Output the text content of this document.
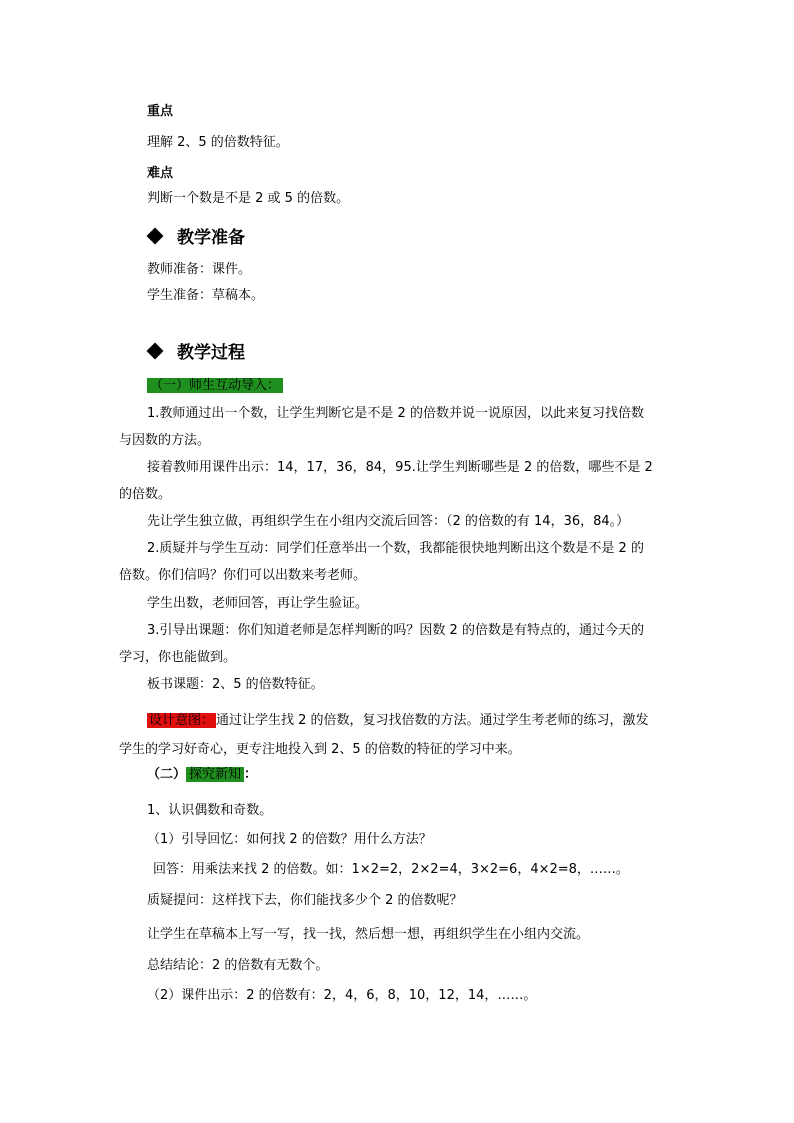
重点
理解 2、5 的倍数特征。
难点
判断一个数是不是 2 或 5 的倍数。
教学准备
教师准备：课件。
学生准备：草稿本。
教学过程
（一）师生互动导入：
1.教师通过出一个数，让学生判断它是不是 2 的倍数并说一说原因，以此来复习找倍数
与因数的方法。
接着教师用课件出示：14，17，36，84，95.让学生判断哪些是 2 的倍数，哪些不是 2
的倍数。
先让学生独立做，再组织学生在小组内交流后回答：（2 的倍数的有 14，36，84。）
2.质疑并与学生互动：同学们任意举出一个数，我都能很快地判断出这个数是不是 2 的
倍数。你们信吗？你们可以出数来考老师。
学生出数，老师回答，再让学生验证。
3.引导出课题：你们知道老师是怎样判断的吗？因数 2 的倍数是有特点的，通过今天的
学习，你也能做到。
板书课题：2、5 的倍数特征。
设计意图： 通过让学生找 2 的倍数，复习找倍数的方法。通过学生考老师的练习，激发
学生的学习好奇心，更专注地投入到 2、5 的倍数的特征的学习中来。
（二） 探究新知 ：
1、认识偶数和奇数。
（1）引导回忆：如何找 2 的倍数？用什么方法？
回答：用乘法来找 2 的倍数。如：1×2=2，2×2=4，3×2=6，4×2=8，……。
质疑提问：这样找下去，你们能找多少个 2 的倍数呢？
让学生在草稿本上写一写，找一找，然后想一想，再组织学生在小组内交流。
总结结论：2 的倍数有无数个。
（2）课件出示：2 的倍数有：2，4，6，8，10，12，14，……。
